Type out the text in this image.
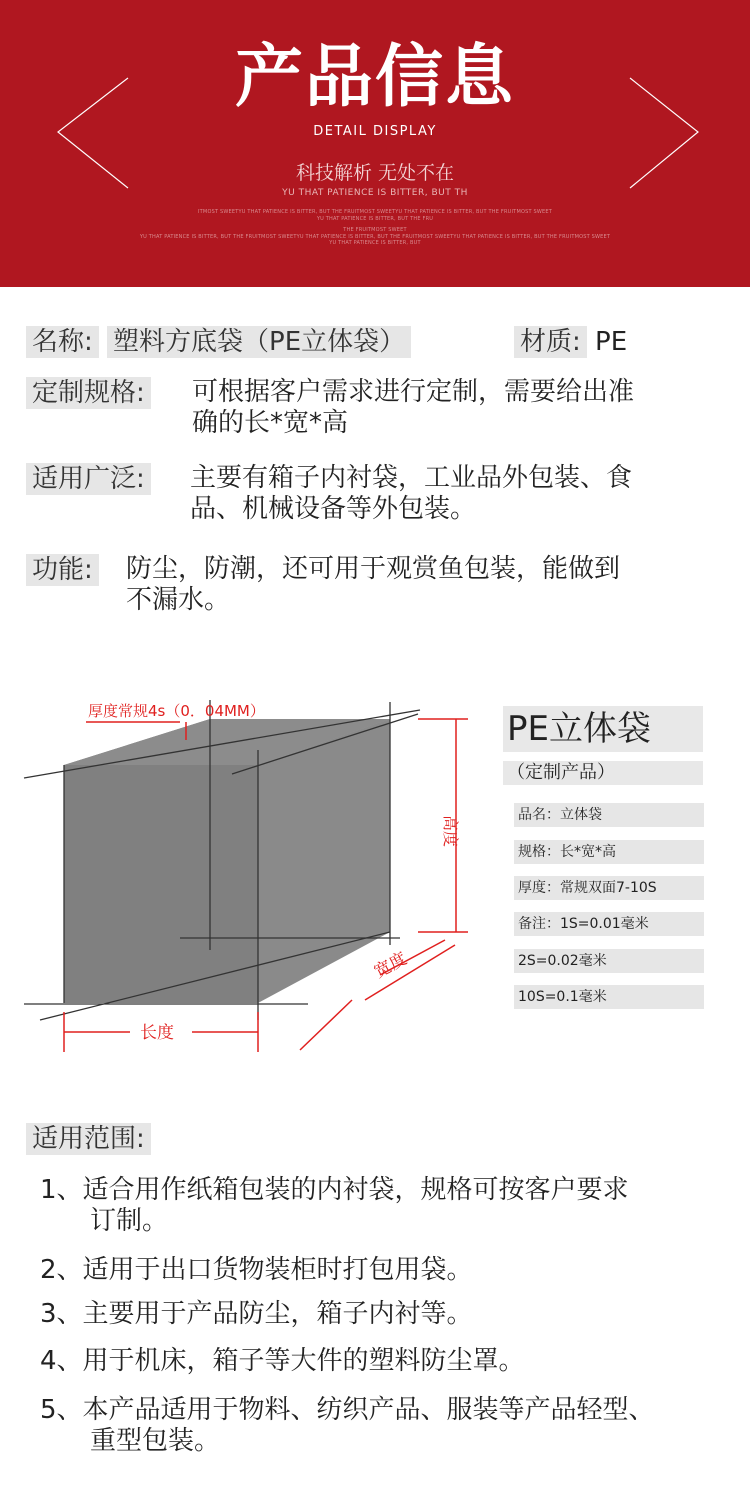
产品信息
DETAIL DISPLAY
科技解析 无处不在
YU THAT PATIENCE IS BITTER, BUT TH
ITMOST SWEETYU THAT PATIENCE IS BITTER, BUT THE FRUITMOST SWEETYU THAT PATIENCE IS BITTER, BUT THE FRUITMOST SWEET
YU THAT PATIENCE IS BITTER, BUT THE FRU
THE FRUITMOST SWEET
YU THAT PATIENCE IS BITTER, BUT THE FRUITMOST SWEETYU THAT PATIENCE IS BITTER, BUT THE FRUITMOST SWEETYU THAT PATIENCE IS BITTER, BUT THE FRUITMOST SWEET
YU THAT PATIENCE IS BITTER, BUT
名称: 塑料方底袋（PE立体袋）	材质: PE
定制规格: 可根据客户需求进行定制，需要给出准
确的长*宽*高
适用广泛: 主要有箱子内衬袋，工业品外包装、食
品、机械设备等外包装。
功能: 防尘，防潮，还可用于观赏鱼包装，能做到
不漏水。
厚度常规4s（0．04MM）
高度
宽度
长度
PE立体袋
（定制产品）
品名：立体袋
规格：长*宽*高
厚度：常规双面7-10S
备注：1S=0.01毫米
2S=0.02毫米
10S=0.1毫米
适用范围:
1、适合用作纸箱包装的内衬袋，规格可按客户要求
订制。
2、适用于出口货物装柜时打包用袋。
3、主要用于产品防尘，箱子内衬等。
4、用于机床，箱子等大件的塑料防尘罩。
5、本产品适用于物料、纺织产品、服装等产品轻型、
重型包装。
